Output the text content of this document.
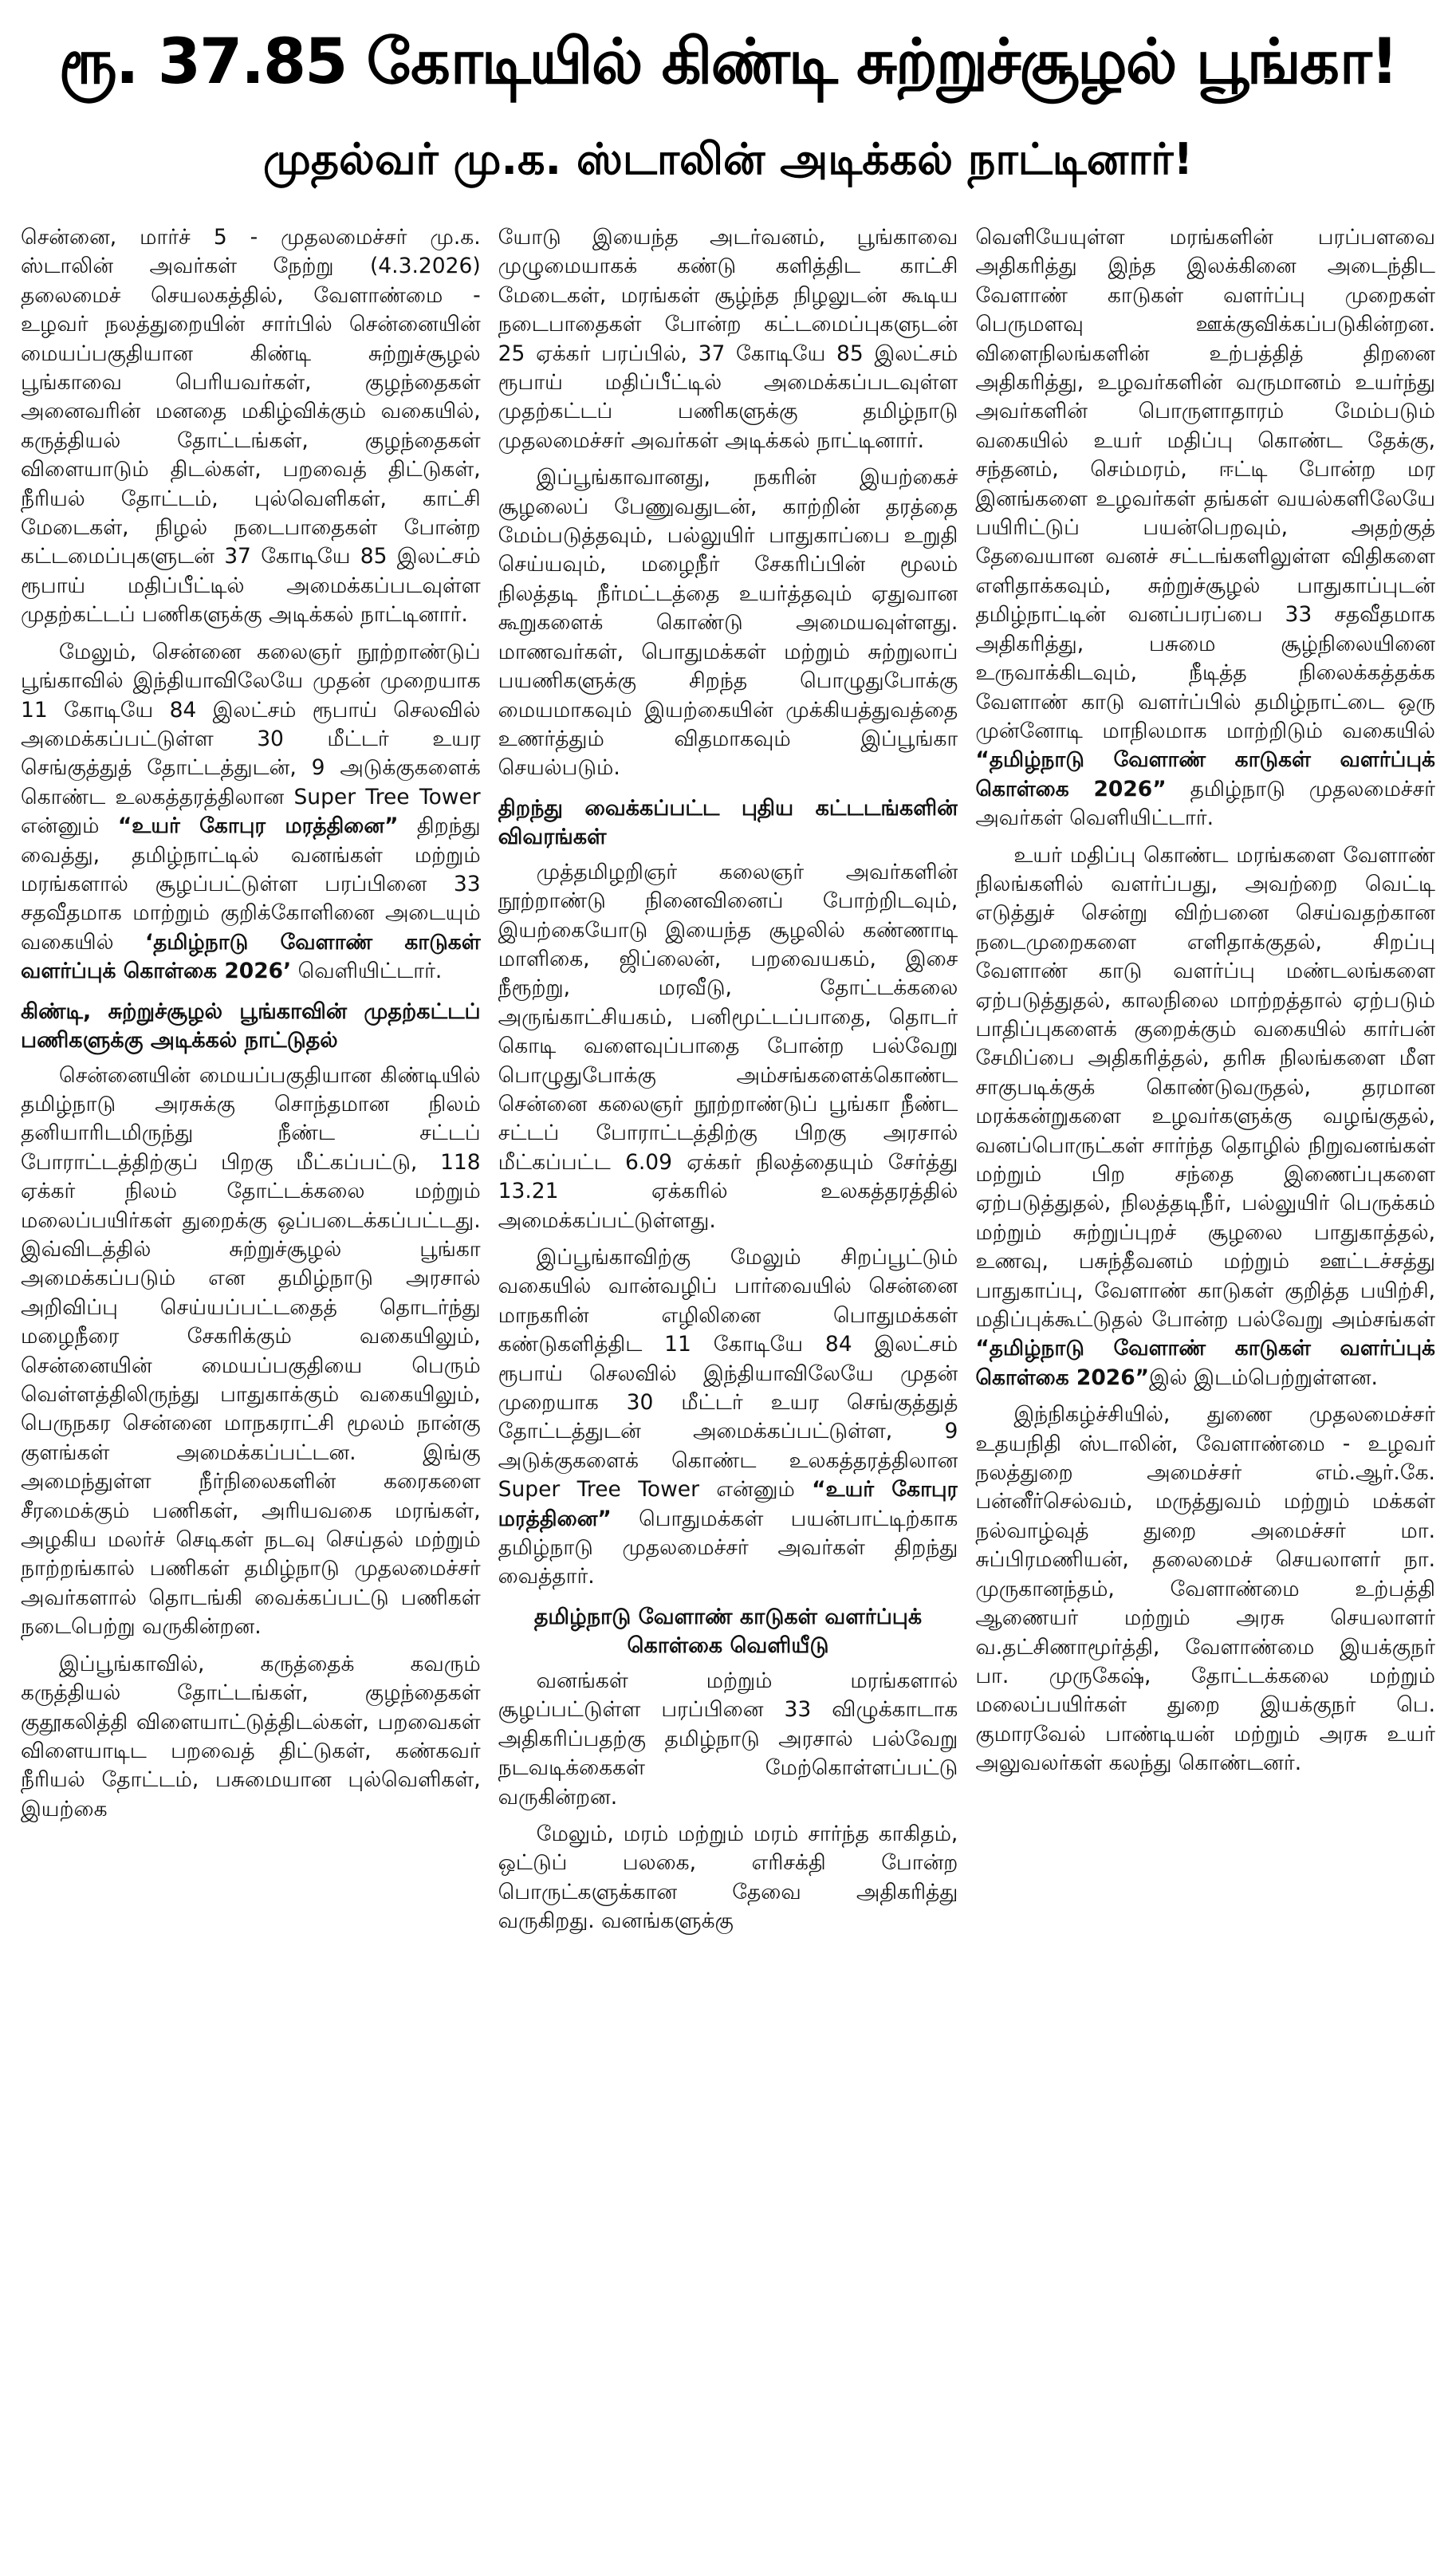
ரூ. 37.85 கோடியில் கிண்டி சுற்றுச்சூழல் பூங்கா!
முதல்வர் மு.க. ஸ்டாலின் அடிக்கல் நாட்டினார்!

சென்னை, மார்ச் 5 - முதலமைச்சர் மு.க. ஸ்டாலின் அவர்கள் நேற்று (4.3.2026) தலைமைச் செயலகத்தில், வேளாண்மை - உழவர் நலத்துறையின் சார்பில் சென்னையின் மையப்பகுதியான கிண்டி சுற்றுச்சூழல் பூங்காவை பெரியவர்கள், குழந்தைகள் அனைவரின் மனதை மகிழ்விக்கும் வகையில், கருத்தியல் தோட்டங்கள், குழந்தைகள் விளையாடும் திடல்கள், பறவைத் திட்டுகள், நீரியல் தோட்டம், புல்வெளிகள், காட்சி மேடைகள், நிழல் நடைபாதைகள் போன்ற கட்டமைப்புகளுடன் 37 கோடியே 85 இலட்சம் ரூபாய் மதிப்பீட்டில் அமைக்கப்படவுள்ள முதற்கட்டப் பணிகளுக்கு அடிக்கல் நாட்டினார்.

மேலும், சென்னை கலைஞர் நூற்றாண்டுப் பூங்காவில் இந்தியாவிலேயே முதன் முறையாக 11 கோடியே 84 இலட்சம் ரூபாய் செலவில் அமைக்கப்பட்டுள்ள 30 மீட்டர் உயர செங்குத்துத் தோட்டத்துடன், 9 அடுக்குகளைக் கொண்ட உலகத்தரத்திலான Super Tree Tower என்னும் “உயர் கோபுர மரத்தினை” திறந்து வைத்து, தமிழ்நாட்டில் வனங்கள் மற்றும் மரங்களால் சூழப்பட்டுள்ள பரப்பினை 33 சதவீதமாக மாற்றும் குறிக்கோளினை அடையும் வகையில் ‘தமிழ்நாடு வேளாண் காடுகள் வளர்ப்புக் கொள்கை 2026’ வெளியிட்டார்.

கிண்டி, சுற்றுச்சூழல் பூங்காவின் முதற்கட்டப் பணிகளுக்கு அடிக்கல் நாட்டுதல்

சென்னையின் மையப்பகுதியான கிண்டியில் தமிழ்நாடு அரசுக்கு சொந்தமான நிலம் தனியாரிடமிருந்து நீண்ட சட்டப் போராட்டத்திற்குப் பிறகு மீட்கப்பட்டு, 118 ஏக்கர் நிலம் தோட்டக்கலை மற்றும் மலைப்பயிர்கள் துறைக்கு ஒப்படைக்கப்பட்டது. இவ்விடத்தில் சுற்றுச்சூழல் பூங்கா அமைக்கப்படும் என தமிழ்நாடு அரசால் அறிவிப்பு செய்யப்பட்டதைத் தொடர்ந்து மழைநீரை சேகரிக்கும் வகையிலும், சென்னையின் மையப்பகுதியை பெரும் வெள்ளத்திலிருந்து பாதுகாக்கும் வகையிலும், பெருநகர சென்னை மாநகராட்சி மூலம் நான்கு குளங்கள் அமைக்கப்பட்டன. இங்கு அமைந்துள்ள நீர்நிலைகளின் கரைகளை சீரமைக்கும் பணிகள், அரியவகை மரங்கள், அழகிய மலர்ச் செடிகள் நடவு செய்தல் மற்றும் நாற்றங்கால் பணிகள் தமிழ்நாடு முதலமைச்சர் அவர்களால் தொடங்கி வைக்கப்பட்டு பணிகள் நடைபெற்று வருகின்றன.

இப்பூங்காவில், கருத்தைக் கவரும் கருத்தியல் தோட்டங்கள், குழந்தைகள் குதூகலித்தி விளையாட்டுத்திடல்கள், பறவைகள் விளையாடிட பறவைத் திட்டுகள், கண்கவர் நீரியல் தோட்டம், பசுமையான புல்வெளிகள், இயற்கை

யோடு இயைந்த அடர்வனம், பூங்காவை முழுமையாகக் கண்டு களித்திட காட்சி மேடைகள், மரங்கள் சூழ்ந்த நிழலுடன் கூடிய நடைபாதைகள் போன்ற கட்டமைப்புகளுடன் 25 ஏக்கர் பரப்பில், 37 கோடியே 85 இலட்சம் ரூபாய் மதிப்பீட்டில் அமைக்கப்படவுள்ள முதற்கட்டப் பணிகளுக்கு தமிழ்நாடு முதலமைச்சர் அவர்கள் அடிக்கல் நாட்டினார்.

இப்பூங்காவானது, நகரின் இயற்கைச் சூழலைப் பேணுவதுடன், காற்றின் தரத்தை மேம்படுத்தவும், பல்லுயிர் பாதுகாப்பை உறுதி செய்யவும், மழைநீர் சேகரிப்பின் மூலம் நிலத்தடி நீர்மட்டத்தை உயர்த்தவும் ஏதுவான கூறுகளைக் கொண்டு அமையவுள்ளது. மாணவர்கள், பொதுமக்கள் மற்றும் சுற்றுலாப் பயணிகளுக்கு சிறந்த பொழுதுபோக்கு மையமாகவும் இயற்கையின் முக்கியத்துவத்தை உணர்த்தும் விதமாகவும் இப்பூங்கா செயல்படும்.

திறந்து வைக்கப்பட்ட புதிய கட்டடங்களின் விவரங்கள்

முத்தமிழறிஞர் கலைஞர் அவர்களின் நூற்றாண்டு நினைவினைப் போற்றிடவும், இயற்கையோடு இயைந்த சூழலில் கண்ணாடி மாளிகை, ஜிப்லைன், பறவையகம், இசை நீரூற்று, மரவீடு, தோட்டக்கலை அருங்காட்சியகம், பனிமூட்டப்பாதை, தொடர் கொடி வளைவுப்பாதை போன்ற பல்வேறு பொழுதுபோக்கு அம்சங்களைக்கொண்ட சென்னை கலைஞர் நூற்றாண்டுப் பூங்கா நீண்ட சட்டப் போராட்டத்திற்கு பிறகு அரசால் மீட்கப்பட்ட 6.09 ஏக்கர் நிலத்தையும் சேர்த்து 13.21 ஏக்கரில் உலகத்தரத்தில் அமைக்கப்பட்டுள்ளது.

இப்பூங்காவிற்கு மேலும் சிறப்பூட்டும் வகையில் வான்வழிப் பார்வையில் சென்னை மாநகரின் எழிலினை பொதுமக்கள் கண்டுகளித்திட 11 கோடியே 84 இலட்சம் ரூபாய் செலவில் இந்தியாவிலேயே முதன் முறையாக 30 மீட்டர் உயர செங்குத்துத் தோட்டத்துடன் அமைக்கப்பட்டுள்ள, 9 அடுக்குகளைக் கொண்ட உலகத்தரத்திலான Super Tree Tower என்னும் “உயர் கோபுர மரத்தினை” பொதுமக்கள் பயன்பாட்டிற்காக தமிழ்நாடு முதலமைச்சர் அவர்கள் திறந்து வைத்தார்.

தமிழ்நாடு வேளாண் காடுகள் வளர்ப்புக் கொள்கை வெளியீடு

வனங்கள் மற்றும் மரங்களால் சூழப்பட்டுள்ள பரப்பினை 33 விழுக்காடாக அதிகரிப்பதற்கு தமிழ்நாடு அரசால் பல்வேறு நடவடிக்கைகள் மேற்கொள்ளப்பட்டு வருகின்றன.

மேலும், மரம் மற்றும் மரம் சார்ந்த காகிதம், ஒட்டுப் பலகை, எரிசக்தி போன்ற பொருட்களுக்கான தேவை அதிகரித்து வருகிறது. வனங்களுக்கு

வெளியேயுள்ள மரங்களின் பரப்பளவை அதிகரித்து இந்த இலக்கினை அடைந்திட வேளாண் காடுகள் வளர்ப்பு முறைகள் பெருமளவு ஊக்குவிக்கப்படுகின்றன. விளைநிலங்களின் உற்பத்தித் திறனை அதிகரித்து, உழவர்களின் வருமானம் உயர்ந்து அவர்களின் பொருளாதாரம் மேம்படும் வகையில் உயர் மதிப்பு கொண்ட தேக்கு, சந்தனம், செம்மரம், ஈட்டி போன்ற மர இனங்களை உழவர்கள் தங்கள் வயல்களிலேயே பயிரிட்டுப் பயன்பெறவும், அதற்குத் தேவையான வனச் சட்டங்களிலுள்ள விதிகளை எளிதாக்கவும், சுற்றுச்சூழல் பாதுகாப்புடன் தமிழ்நாட்டின் வனப்பரப்பை 33 சதவீதமாக அதிகரித்து, பசுமை சூழ்நிலையினை உருவாக்கிடவும், நீடித்த நிலைக்கத்தக்க வேளாண் காடு வளர்ப்பில் தமிழ்நாட்டை ஒரு முன்னோடி மாநிலமாக மாற்றிடும் வகையில் “தமிழ்நாடு வேளாண் காடுகள் வளர்ப்புக் கொள்கை 2026” தமிழ்நாடு முதலமைச்சர் அவர்கள் வெளியிட்டார்.

உயர் மதிப்பு கொண்ட மரங்களை வேளாண் நிலங்களில் வளர்ப்பது, அவற்றை வெட்டி எடுத்துச் சென்று விற்பனை செய்வதற்கான நடைமுறைகளை எளிதாக்குதல், சிறப்பு வேளாண் காடு வளர்ப்பு மண்டலங்களை ஏற்படுத்துதல், காலநிலை மாற்றத்தால் ஏற்படும் பாதிப்புகளைக் குறைக்கும் வகையில் கார்பன் சேமிப்பை அதிகரித்தல், தரிசு நிலங்களை மீள சாகுபடிக்குக் கொண்டுவருதல், தரமான மரக்கன்றுகளை உழவர்களுக்கு வழங்குதல், வனப்பொருட்கள் சார்ந்த தொழில் நிறுவனங்கள் மற்றும் பிற சந்தை இணைப்புகளை ஏற்படுத்துதல், நிலத்தடிநீர், பல்லுயிர் பெருக்கம் மற்றும் சுற்றுப்புறச் சூழலை பாதுகாத்தல், உணவு, பசுந்தீவனம் மற்றும் ஊட்டச்சத்து பாதுகாப்பு, வேளாண் காடுகள் குறித்த பயிற்சி, மதிப்புக்கூட்டுதல் போன்ற பல்வேறு அம்சங்கள் “தமிழ்நாடு வேளாண் காடுகள் வளர்ப்புக் கொள்கை 2026”இல் இடம்பெற்றுள்ளன.

இந்நிகழ்ச்சியில், துணை முதலமைச்சர் உதயநிதி ஸ்டாலின், வேளாண்மை - உழவர் நலத்துறை அமைச்சர் எம்.ஆர்.கே. பன்னீர்செல்வம், மருத்துவம் மற்றும் மக்கள் நல்வாழ்வுத் துறை அமைச்சர் மா. சுப்பிரமணியன், தலைமைச் செயலாளர் நா. முருகானந்தம், வேளாண்மை உற்பத்தி ஆணையர் மற்றும் அரசு செயலாளர் வ.தட்சிணாமூர்த்தி, வேளாண்மை இயக்குநர் பா. முருகேஷ், தோட்டக்கலை மற்றும் மலைப்பயிர்கள் துறை இயக்குநர் பெ. குமாரவேல் பாண்டியன் மற்றும் அரசு உயர் அலுவலர்கள் கலந்து கொண்டனர்.
